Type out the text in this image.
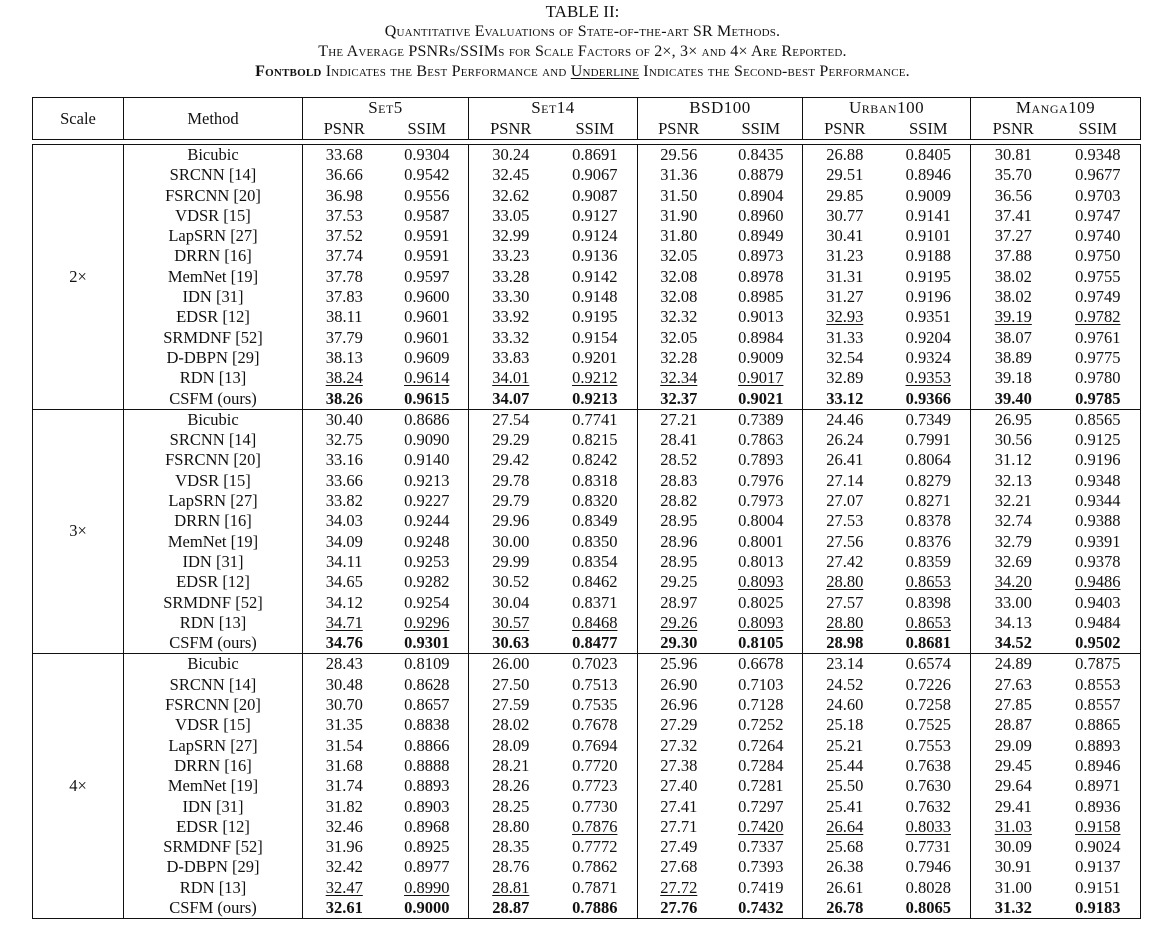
TABLE II:
Quantitative Evaluations of State-of-the-art SR Methods.
The Average PSNRs/SSIMs for Scale Factors of 2×, 3× and 4× Are Reported.
Fontbold Indicates the Best Performance and Underline Indicates the Second-best Performance.
Scale	Method	Set5		Set14		BSD100		Urban100		Manga109	
		PSNR	SSIM	PSNR	SSIM	PSNR	SSIM	PSNR	SSIM	PSNR	SSIM
2×	Bicubic	33.68	0.9304	30.24	0.8691	29.56	0.8435	26.88	0.8405	30.81	0.9348
	SRCNN [14]	36.66	0.9542	32.45	0.9067	31.36	0.8879	29.51	0.8946	35.70	0.9677
	FSRCNN [20]	36.98	0.9556	32.62	0.9087	31.50	0.8904	29.85	0.9009	36.56	0.9703
	VDSR [15]	37.53	0.9587	33.05	0.9127	31.90	0.8960	30.77	0.9141	37.41	0.9747
	LapSRN [27]	37.52	0.9591	32.99	0.9124	31.80	0.8949	30.41	0.9101	37.27	0.9740
	DRRN [16]	37.74	0.9591	33.23	0.9136	32.05	0.8973	31.23	0.9188	37.88	0.9750
	MemNet [19]	37.78	0.9597	33.28	0.9142	32.08	0.8978	31.31	0.9195	38.02	0.9755
	IDN [31]	37.83	0.9600	33.30	0.9148	32.08	0.8985	31.27	0.9196	38.02	0.9749
	EDSR [12]	38.11	0.9601	33.92	0.9195	32.32	0.9013	32.93	0.9351	39.19	0.9782
	SRMDNF [52]	37.79	0.9601	33.32	0.9154	32.05	0.8984	31.33	0.9204	38.07	0.9761
	D-DBPN [29]	38.13	0.9609	33.83	0.9201	32.28	0.9009	32.54	0.9324	38.89	0.9775
	RDN [13]	38.24	0.9614	34.01	0.9212	32.34	0.9017	32.89	0.9353	39.18	0.9780
	CSFM (ours)	38.26	0.9615	34.07	0.9213	32.37	0.9021	33.12	0.9366	39.40	0.9785
3×	Bicubic	30.40	0.8686	27.54	0.7741	27.21	0.7389	24.46	0.7349	26.95	0.8565
	SRCNN [14]	32.75	0.9090	29.29	0.8215	28.41	0.7863	26.24	0.7991	30.56	0.9125
	FSRCNN [20]	33.16	0.9140	29.42	0.8242	28.52	0.7893	26.41	0.8064	31.12	0.9196
	VDSR [15]	33.66	0.9213	29.78	0.8318	28.83	0.7976	27.14	0.8279	32.13	0.9348
	LapSRN [27]	33.82	0.9227	29.79	0.8320	28.82	0.7973	27.07	0.8271	32.21	0.9344
	DRRN [16]	34.03	0.9244	29.96	0.8349	28.95	0.8004	27.53	0.8378	32.74	0.9388
	MemNet [19]	34.09	0.9248	30.00	0.8350	28.96	0.8001	27.56	0.8376	32.79	0.9391
	IDN [31]	34.11	0.9253	29.99	0.8354	28.95	0.8013	27.42	0.8359	32.69	0.9378
	EDSR [12]	34.65	0.9282	30.52	0.8462	29.25	0.8093	28.80	0.8653	34.20	0.9486
	SRMDNF [52]	34.12	0.9254	30.04	0.8371	28.97	0.8025	27.57	0.8398	33.00	0.9403
	RDN [13]	34.71	0.9296	30.57	0.8468	29.26	0.8093	28.80	0.8653	34.13	0.9484
	CSFM (ours)	34.76	0.9301	30.63	0.8477	29.30	0.8105	28.98	0.8681	34.52	0.9502
4×	Bicubic	28.43	0.8109	26.00	0.7023	25.96	0.6678	23.14	0.6574	24.89	0.7875
	SRCNN [14]	30.48	0.8628	27.50	0.7513	26.90	0.7103	24.52	0.7226	27.63	0.8553
	FSRCNN [20]	30.70	0.8657	27.59	0.7535	26.96	0.7128	24.60	0.7258	27.85	0.8557
	VDSR [15]	31.35	0.8838	28.02	0.7678	27.29	0.7252	25.18	0.7525	28.87	0.8865
	LapSRN [27]	31.54	0.8866	28.09	0.7694	27.32	0.7264	25.21	0.7553	29.09	0.8893
	DRRN [16]	31.68	0.8888	28.21	0.7720	27.38	0.7284	25.44	0.7638	29.45	0.8946
	MemNet [19]	31.74	0.8893	28.26	0.7723	27.40	0.7281	25.50	0.7630	29.64	0.8971
	IDN [31]	31.82	0.8903	28.25	0.7730	27.41	0.7297	25.41	0.7632	29.41	0.8936
	EDSR [12]	32.46	0.8968	28.80	0.7876	27.71	0.7420	26.64	0.8033	31.03	0.9158
	SRMDNF [52]	31.96	0.8925	28.35	0.7772	27.49	0.7337	25.68	0.7731	30.09	0.9024
	D-DBPN [29]	32.42	0.8977	28.76	0.7862	27.68	0.7393	26.38	0.7946	30.91	0.9137
	RDN [13]	32.47	0.8990	28.81	0.7871	27.72	0.7419	26.61	0.8028	31.00	0.9151
	CSFM (ours)	32.61	0.9000	28.87	0.7886	27.76	0.7432	26.78	0.8065	31.32	0.9183
